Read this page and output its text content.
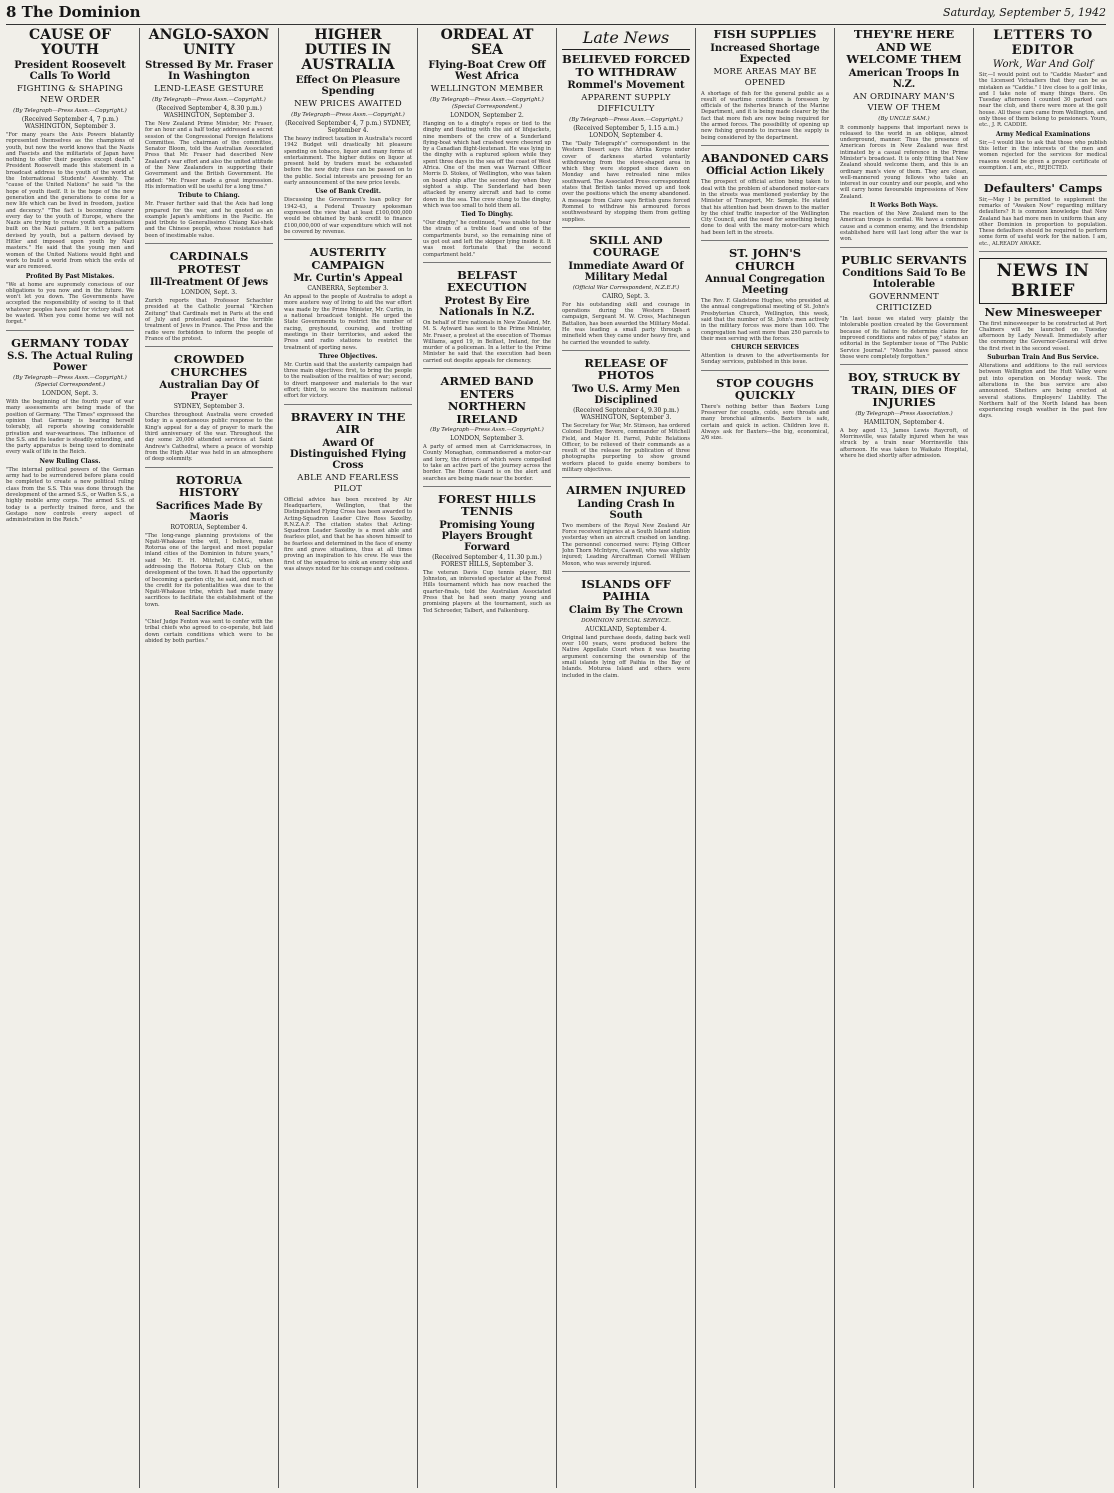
8 The Dominion	Saturday, September 5, 1942
CAUSE OF YOUTH
President Roosevelt Calls To World
FIGHTING & SHAPING NEW ORDER
(By Telegraph—Press Assn.—Copyright.)
(Received September 4, 7 p.m.) WASHINGTON, September 3.
"For many years the Axis Powers blatantly represented themselves as the champions of youth, but now the world knows that the Nazis and Fascists and the militarists of Japan have nothing to offer their peoples except death." President Roosevelt made this statement in a broadcast address to the youth of the world at the International Students' Assembly. The "cause of the United Nations" he said "is the hope of youth itself. It is the hope of the new generation and the generations to come for a new life which can be lived in freedom, justice and decency." "The fact is becoming clearer every day to the youth of Europe, where the Nazis are trying to create youth organisations built on the Nazi pattern. It isn't a pattern devised by youth, but a pattern devised by Hitler and imposed upon youth by Nazi masters." He said that the young men and women of the United Nations would fight and work to build a world from which the evils of war are removed.
Profited By Past Mistakes.
"We at home are supremely conscious of our obligations to you now and in the future. We won't let you down. The Governments have accepted the responsibility of seeing to it that whatever peoples have paid for victory shall not be wasted. When you come home we will not forget."
GERMANY TODAY
S.S. The Actual Ruling Power
(By Telegraph—Press Assn.—Copyright.) (Special Correspondent.)
LONDON, Sept. 3.
With the beginning of the fourth year of war many assessments are being made of the position of Germany. "The Times" expressed the opinion that Germany is bearing herself tolerably, all reports showing considerable privation and war-weariness. The influence of the S.S. and its leader is steadily extending, and the party apparatus is being used to dominate every walk of life in the Reich.
New Ruling Class.
"The internal political powers of the German army had to be surrendered before plans could be completed to create a new political ruling class from the S.S. This was done through the development of the armed S.S., or Waffen S.S., a highly mobile army corps. The armed S.S. of today is a perfectly trained force, and the Gestapo now controls every aspect of administration in the Reich."
ANGLO-SAXON UNITY
Stressed By Mr. Fraser In Washington
LEND-LEASE GESTURE
(By Telegraph—Press Assn.—Copyright.)
(Received September 4, 8.30 p.m.) WASHINGTON, September 3.
The New Zealand Prime Minister, Mr. Fraser, for an hour and a half today addressed a secret session of the Congressional Foreign Relations Committee. The chairman of the committee, Senator Bloom, told the Australian Associated Press that Mr. Fraser had described New Zealand's war effort and also the united attitude of the New Zealanders in supporting their Government and the British Government. He added: "Mr. Fraser made a great impression. His information will be useful for a long time."
Tribute to Chiang.
Mr. Fraser further said that the Axis had long prepared for the war, and he quoted as an example Japan's ambitions in the Pacific. He paid tribute to Generalissimo Chiang Kai-shek and the Chinese people, whose resistance had been of inestimable value.
CARDINALS PROTEST
Ill-Treatment Of Jews
LONDON, Sept. 3.
Zurich reports that Professor Schachter presided at the Catholic journal "Kirchen Zeitung" that Cardinals met in Paris at the end of July and protested against the terrible treatment of Jews in France. The Press and the radio were forbidden to inform the people of France of the protest.
CROWDED CHURCHES
Australian Day Of Prayer
SYDNEY, September 3.
Churches throughout Australia were crowded today in a spontaneous public response to the King's appeal for a day of prayer to mark the third anniversary of the war. Throughout the day some 20,000 attended services at Saint Andrew's Cathedral, where a peace of worship from the High Altar was held in an atmosphere of deep solemnity.
ROTORUA HISTORY
Sacrifices Made By Maoris
ROTORUA, September 4.
"The long-range planning provisions of the Ngati-Whakaue tribe will, I believe, make Rotorua one of the largest and most popular inland cities of the Dominion in future years," said Mr. E. H. Mitchell, C.M.G., when addressing the Rotorua Rotary Club on the development of the town. It had the opportunity of becoming a garden city, he said, and much of the credit for its potentialities was due to the Ngati-Whakaue tribe, which had made many sacrifices to facilitate the establishment of the town.
Real Sacrifice Made.
"Chief Judge Fenton was sent to confer with the tribal chiefs who agreed to co-operate, but laid down certain conditions which were to be abided by both parties."
HIGHER DUTIES IN AUSTRALIA
Effect On Pleasure Spending
NEW PRICES AWAITED
(By Telegraph—Press Assn.—Copyright.)
(Received September 4, 7 p.m.) SYDNEY, September 4.
The heavy indirect taxation in Australia's record 1942 Budget will drastically hit pleasure spending on tobacco, liquor and many forms of entertainment. The higher duties on liquor at present held by traders must be exhausted before the new duty rises can be passed on to the public. Social interests are pressing for an early announcement of the new price levels.
Use of Bank Credit.
Discussing the Government's loan policy for 1942-43, a Federal Treasury spokesman expressed the view that at least £100,000,000 would be obtained by bank credit to finance £100,000,000 of war expenditure which will not be covered by revenue.
AUSTERITY CAMPAIGN
Mr. Curtin's Appeal
CANBERRA, September 3.
An appeal to the people of Australia to adopt a more austere way of living to aid the war effort was made by the Prime Minister, Mr. Curtin, in a national broadcast tonight. He urged the State Governments to restrict the number of racing, greyhound, coursing, and trotting meetings in their territories, and asked the Press and radio stations to restrict the treatment of sporting news.
Three Objectives.
Mr. Curtin said that the austerity campaign had three main objectives: first, to bring the people to the realisation of the realities of war; second, to divert manpower and materials to the war effort; third, to secure the maximum national effort for victory.
BRAVERY IN THE AIR
Award Of Distinguished Flying Cross
ABLE AND FEARLESS PILOT
Official advice has been received by Air Headquarters, Wellington, that the Distinguished Flying Cross has been awarded to Acting-Squadron Leader Clive Ross Saxelby, R.N.Z.A.F. The citation states that Acting-Squadron Leader Saxelby is a most able and fearless pilot, and that he has shown himself to be fearless and determined in the face of enemy fire and grave situations, thus at all times proving an inspiration to his crew. He was the first of the squadron to sink an enemy ship and was always noted for his courage and coolness.
ORDEAL AT SEA
Flying-Boat Crew Off West Africa
WELLINGTON MEMBER
(By Telegraph—Press Assn.—Copyright.) (Special Correspondent.)
LONDON, September 2.
Hanging on to a dinghy's ropes or tied to the dinghy and floating with the aid of lifejackets, nine members of the crew of a Sunderland flying-boat which had crashed were cheered up by a Canadian flight-lieutenant. He was lying in the dinghy with a ruptured spleen while they spent three days in the sea off the coast of West Africa. One of the men was Warrant Officer Morris D. Stokes, of Wellington, who was taken on board ship after the second day when they sighted a ship. The Sunderland had been attacked by enemy aircraft and had to come down in the sea. The crew clung to the dinghy, which was too small to hold them all.
Tied To Dinghy.
"Our dinghy," he continued, "was unable to bear the strain of a treble load and one of the compartments burst, so the remaining nine of us got out and left the skipper lying inside it. It was most fortunate that the second compartment held."
BELFAST EXECUTION
Protest By Eire Nationals In N.Z.
On behalf of Eire nationals in New Zealand, Mr. M. S. Aylward has sent to the Prime Minister, Mr. Fraser, a protest at the execution of Thomas Williams, aged 19, in Belfast, Ireland, for the murder of a policeman. In a letter to the Prime Minister he said that the execution had been carried out despite appeals for clemency.
ARMED BAND ENTERS NORTHERN IRELAND
(By Telegraph—Press Assn.—Copyright.)
LONDON, September 3.
A party of armed men at Carrickmacross, in County Monaghan, commandeered a motor-car and lorry, the drivers of which were compelled to take an active part of the journey across the border. The Home Guard is on the alert and searches are being made near the border.
FOREST HILLS TENNIS
Promising Young Players Brought Forward
(Received September 4, 11.30 p.m.) FOREST HILLS, September 3.
The veteran Davis Cup tennis player, Bill Johnston, an interested spectator at the Forest Hills tournament which has now reached the quarter-finals, told the Australian Associated Press that he had seen many young and promising players at the tournament, such as Ted Schroeder, Talbert, and Falkenburg.
Late News
BELIEVED FORCED TO WITHDRAW
Rommel's Movement
APPARENT SUPPLY DIFFICULTY
(By Telegraph—Press Assn.—Copyright.)
(Received September 5, 1.15 a.m.) LONDON, September 4.
The "Daily Telegraph's" correspondent in the Western Desert says the Afrika Korps under cover of darkness started voluntarily withdrawing from the stove-shaped area in which they were stopped since dawn on Monday and have retreated nine miles southward. The Associated Press correspondent states that British tanks moved up and took over the positions which the enemy abandoned. A message from Cairo says British guns forced Rommel to withdraw his armoured forces southwestward by stopping them from getting supplies.
SKILL AND COURAGE
Immediate Award Of Military Medal
(Official War Correspondent, N.Z.E.F.)
CAIRO, Sept. 3.
For his outstanding skill and courage in operations during the Western Desert campaign, Sergeant M. W. Cross, Machinegun Battalion, has been awarded the Military Medal. He was leading a small party through a minefield when they came under heavy fire, and he carried the wounded to safety.
RELEASE OF PHOTOS
Two U.S. Army Men Disciplined
(Received September 4, 9.30 p.m.) WASHINGTON, September 3.
The Secretary for War, Mr. Stimson, has ordered Colonel Dudley Bevere, commander of Mitchell Field, and Major H. Farrel, Public Relations Officer, to be relieved of their commands as a result of the release for publication of three photographs purporting to show ground workers placed to guide enemy bombers to military objectives.
AIRMEN INJURED
Landing Crash In South
Two members of the Royal New Zealand Air Force received injuries at a South Island station yesterday when an aircraft crashed on landing. The personnel concerned were: Flying Officer John Thorn McIntyre, Caswell, who was slightly injured; Leading Aircraftman Cornell William Moxon, who was severely injured.
ISLANDS OFF PAIHIA
Claim By The Crown
DOMINION SPECIAL SERVICE.
AUCKLAND, September 4.
Original land purchase deeds, dating back well over 100 years, were produced before the Native Appellate Court when it was hearing argument concerning the ownership of the small islands lying off Paihia in the Bay of Islands. Moturoa Island and others were included in the claim.
FISH SUPPLIES
Increased Shortage Expected
MORE AREAS MAY BE OPENED
A shortage of fish for the general public as a result of wartime conditions is foreseen by officials of the fisheries branch of the Marine Department, and it is being made clearer by the fact that more fish are now being required for the armed forces. The possibility of opening up new fishing grounds to increase the supply is being considered by the department.
ABANDONED CARS
Official Action Likely
The prospect of official action being taken to deal with the problem of abandoned motor-cars in the streets was mentioned yesterday by the Minister of Transport, Mr. Semple. He stated that his attention had been drawn to the matter by the chief traffic inspector of the Wellington City Council, and the need for something being done to deal with the many motor-cars which had been left in the streets.
ST. JOHN'S CHURCH
Annual Congregation Meeting
The Rev. F. Gladstone Hughes, who presided at the annual congregational meeting of St. John's Presbyterian Church, Wellington, this week, said that the number of St. John's men actively in the military forces was more than 100. The congregation had sent more than 250 parcels to their men serving with the forces.
CHURCH SERVICES
Attention is drawn to the advertisements for Sunday services, published in this issue.
STOP COUGHS QUICKLY
There's nothing better than Baxters Lung Preserver for coughs, colds, sore throats and many bronchial ailments. Baxters is safe, certain and quick in action. Children love it. Always ask for Baxters—the big, economical, 2/6 size.
THEY'RE HERE AND WE WELCOME THEM
American Troops In N.Z.
AN ORDINARY MAN'S VIEW OF THEM
(By UNCLE SAM.)
It commonly happens that important news is released to the world in an oblique, almost underground, manner. Thus the presence of American forces in New Zealand was first intimated by a casual reference in the Prime Minister's broadcast. It is only fitting that New Zealand should welcome them, and this is an ordinary man's view of them. They are clean, well-mannered young fellows who take an interest in our country and our people, and who will carry home favourable impressions of New Zealand.
It Works Both Ways.
The reaction of the New Zealand men to the American troops is cordial. We have a common cause and a common enemy, and the friendship established here will last long after the war is won.
PUBLIC SERVANTS
Conditions Said To Be Intolerable
GOVERNMENT CRITICIZED
"In last issue we stated very plainly the intolerable position created by the Government because of its failure to determine claims for improved conditions and rates of pay," states an editorial in the September issue of "The Public Service Journal." "Months have passed since those were completely forgotten."
BOY, STRUCK BY TRAIN, DIES OF INJURIES
(By Telegraph—Press Association.)
HAMILTON, September 4.
A boy aged 13, James Lewis Raycroft, of Morrinsville, was fatally injured when he was struck by a train near Morrinsville this afternoon. He was taken to Waikato Hospital, where he died shortly after admission.
LETTERS TO EDITOR
Work, War And Golf
Sir,—I would point out to "Caddie Master" and the Licensed Victuallers that they can be as mistaken as "Caddie." I live close to a golf links, and I take note of many things there. On Tuesday afternoon I counted 30 parked cars near the club, and there were more at the golf house. All these cars came from Wellington, and only those of them belong to pensioners. Yours, etc., J. R. CADDIE.
Army Medical Examinations
Sir,—I would like to ask that those who publish this letter in the interests of the men and women rejected for the services for medical reasons would be given a proper certificate of exemption. I am, etc., REJECTED.
Defaulters' Camps
Sir,—May I be permitted to supplement the remarks of "Awaken Now" regarding military defaulters? It is common knowledge that New Zealand has had more men in uniform than any other Dominion in proportion to population. These defaulters should be required to perform some form of useful work for the nation. I am, etc., ALREADY AWAKE.
NEWS IN BRIEF
New Minesweeper
The first minesweeper to be constructed at Port Chalmers will be launched on Tuesday afternoon by Lady Newall. Immediately after the ceremony the Governor-General will drive the first rivet in the second vessel.
Suburban Train And Bus Service.
Alterations and additions to the rail services between Wellington and the Hutt Valley were put into operation on Monday week. The alterations in the bus service are also announced. Shelters are being erected at several stations. Employers' Liability. The Northern half of the North Island has been experiencing rough weather in the past few days.
